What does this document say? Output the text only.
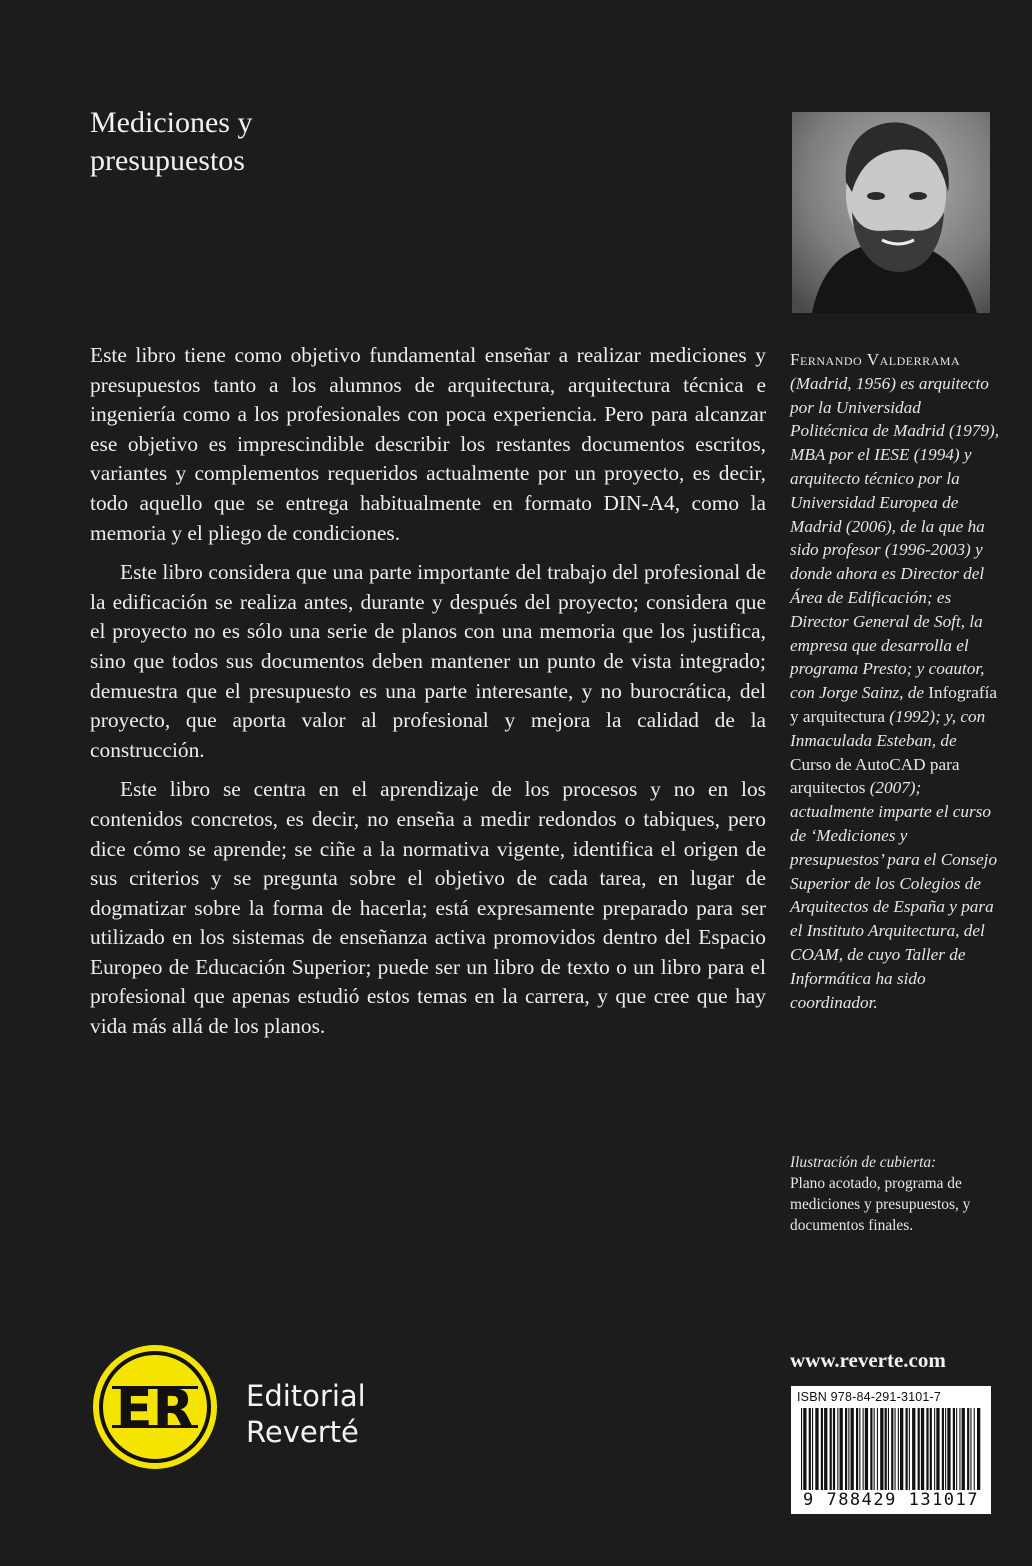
Mediciones y
presupuestos

Este libro tiene como objetivo fundamental enseñar a realizar mediciones y presupuestos tanto a los alumnos de arquitectura, arquitectura técnica e ingeniería como a los profesionales con poca experiencia. Pero para alcanzar ese objetivo es imprescindible describir los restantes documentos escritos, variantes y complementos requeridos actualmente por un proyecto, es decir, todo aquello que se entrega habitualmente en formato DIN-A4, como la memoria y el pliego de condiciones.

Este libro considera que una parte importante del trabajo del profesional de la edificación se realiza antes, durante y después del proyecto; considera que el proyecto no es sólo una serie de planos con una memoria que los justifica, sino que todos sus documentos deben mantener un punto de vista integrado; demuestra que el presupuesto es una parte interesante, y no burocrática, del proyecto, que aporta valor al profesional y mejora la calidad de la construcción.

Este libro se centra en el aprendizaje de los procesos y no en los contenidos concretos, es decir, no enseña a medir redondos o tabiques, pero dice cómo se aprende; se ciñe a la normativa vigente, identifica el origen de sus criterios y se pregunta sobre el objetivo de cada tarea, en lugar de dogmatizar sobre la forma de hacerla; está expresamente preparado para ser utilizado en los sistemas de enseñanza activa promovidos dentro del Espacio Europeo de Educación Superior; puede ser un libro de texto o un libro para el profesional que apenas estudió estos temas en la carrera, y que cree que hay vida más allá de los planos.

Fernando Valderrama (Madrid, 1956) es arquitecto por la Universidad Politécnica de Madrid (1979), MBA por el IESE (1994) y arquitecto técnico por la Universidad Europea de Madrid (2006), de la que ha sido profesor (1996-2003) y donde ahora es Director del Área de Edificación; es Director General de Soft, la empresa que desarrolla el programa Presto; y coautor, con Jorge Sainz, de Infografía y arquitectura (1992); y, con Inmaculada Esteban, de Curso de AutoCAD para arquitectos (2007); actualmente imparte el curso de ‘Mediciones y presupuestos’ para el Consejo Superior de los Colegios de Arquitectos de España y para el Instituto Arquitectura, del COAM, de cuyo Taller de Informática ha sido coordinador.
Ilustración de cubierta:
Plano acotado, programa de mediciones y presupuestos, y documentos finales.
ER Editorial
Reverté
www.reverte.com
ISBN 978-84-291-3101-7
9 788429 131017
